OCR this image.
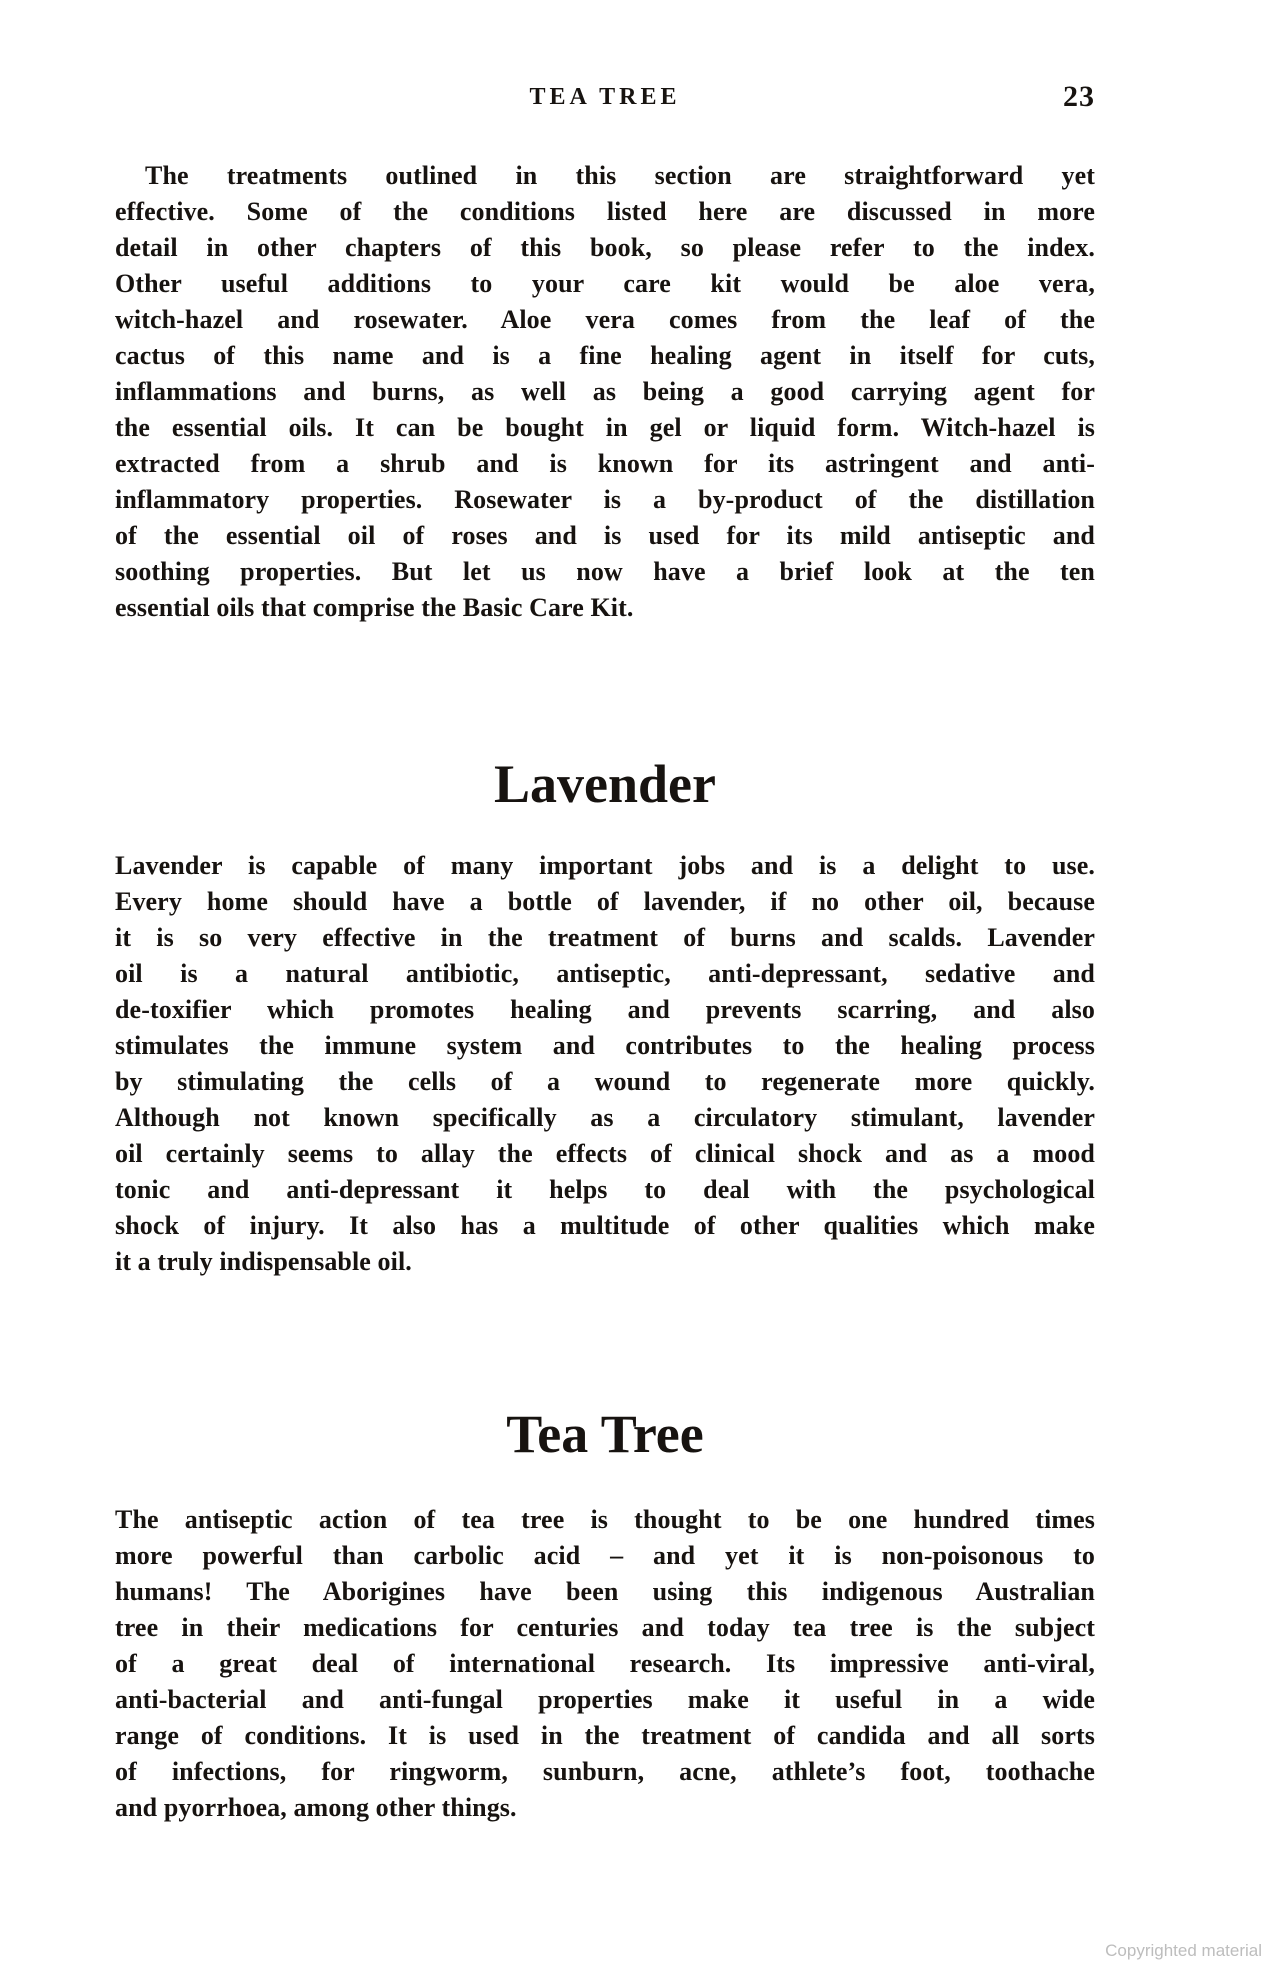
TEA TREE	23
The treatments outlined in this section are straightforward yet
effective. Some of the conditions listed here are discussed in more
detail in other chapters of this book, so please refer to the index.
Other useful additions to your care kit would be aloe vera,
witch-hazel and rosewater. Aloe vera comes from the leaf of the
cactus of this name and is a fine healing agent in itself for cuts,
inflammations and burns, as well as being a good carrying agent for
the essential oils. It can be bought in gel or liquid form. Witch-hazel is
extracted from a shrub and is known for its astringent and anti-
inflammatory properties. Rosewater is a by-product of the distillation
of the essential oil of roses and is used for its mild antiseptic and
soothing properties. But let us now have a brief look at the ten
essential oils that comprise the Basic Care Kit.
Lavender
Lavender is capable of many important jobs and is a delight to use.
Every home should have a bottle of lavender, if no other oil, because
it is so very effective in the treatment of burns and scalds. Lavender
oil is a natural antibiotic, antiseptic, anti-depressant, sedative and
de-toxifier which promotes healing and prevents scarring, and also
stimulates the immune system and contributes to the healing process
by stimulating the cells of a wound to regenerate more quickly.
Although not known specifically as a circulatory stimulant, lavender
oil certainly seems to allay the effects of clinical shock and as a mood
tonic and anti-depressant it helps to deal with the psychological
shock of injury. It also has a multitude of other qualities which make
it a truly indispensable oil.
Tea Tree
The antiseptic action of tea tree is thought to be one hundred times
more powerful than carbolic acid – and yet it is non-poisonous to
humans! The Aborigines have been using this indigenous Australian
tree in their medications for centuries and today tea tree is the subject
of a great deal of international research. Its impressive anti-viral,
anti-bacterial and anti-fungal properties make it useful in a wide
range of conditions. It is used in the treatment of candida and all sorts
of infections, for ringworm, sunburn, acne, athlete’s foot, toothache
and pyorrhoea, among other things.
Copyrighted material
